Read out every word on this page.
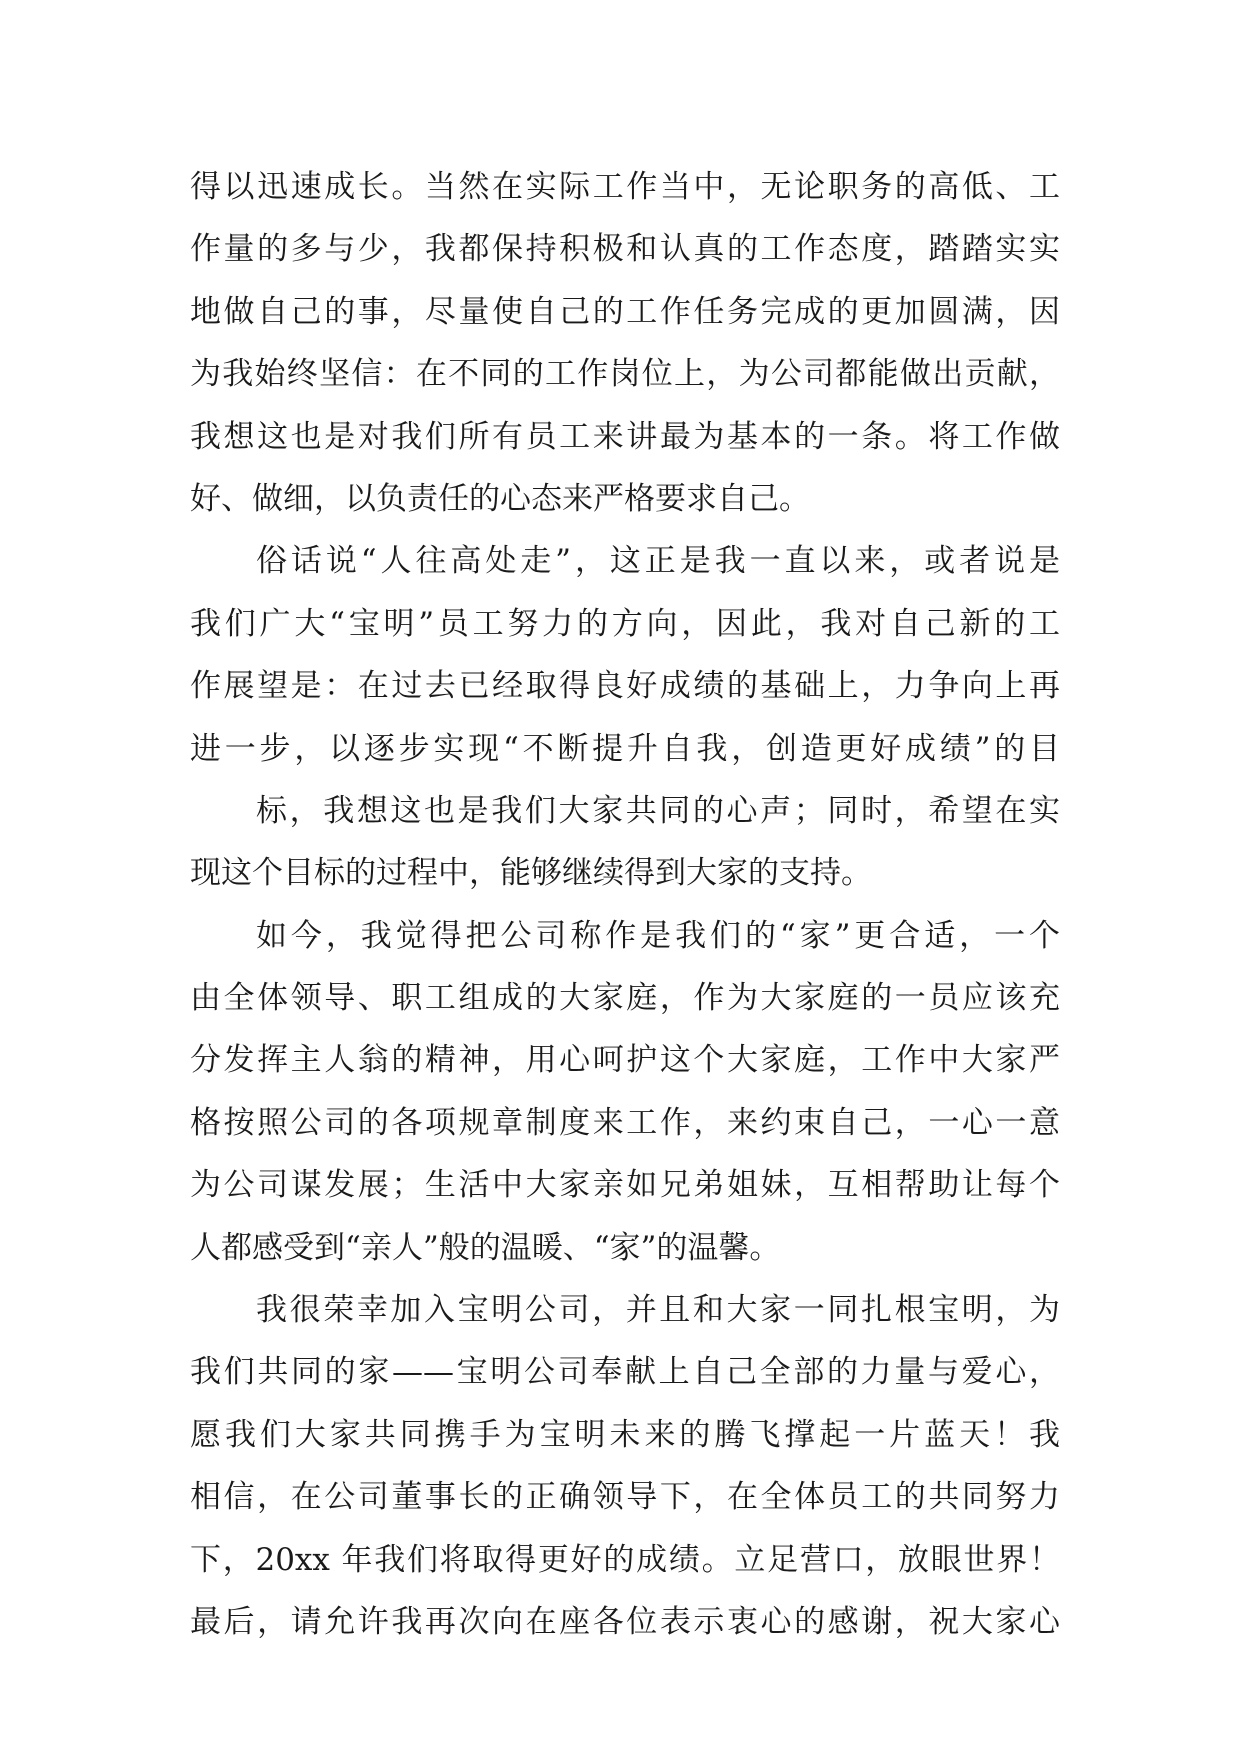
得以迅速成长。当然在实际工作当中，无论职务的高低、工
作量的多与少，我都保持积极和认真的工作态度，踏踏实实
地做自己的事，尽量使自己的工作任务完成的更加圆满，因
为我始终坚信：在不同的工作岗位上，为公司都能做出贡献，
我想这也是对我们所有员工来讲最为基本的一条。将工作做
好、做细，以负责任的心态来严格要求自己。
俗话说“人往高处走”，这正是我一直以来，或者说是
我们广大“宝明”员工努力的方向，因此，我对自己新的工
作展望是：在过去已经取得良好成绩的基础上，力争向上再
进一步，以逐步实现“不断提升自我，创造更好成绩”的目
标，我想这也是我们大家共同的心声；同时，希望在实
现这个目标的过程中，能够继续得到大家的支持。
如今，我觉得把公司称作是我们的“家”更合适，一个
由全体领导、职工组成的大家庭，作为大家庭的一员应该充
分发挥主人翁的精神，用心呵护这个大家庭，工作中大家严
格按照公司的各项规章制度来工作，来约束自己，一心一意
为公司谋发展；生活中大家亲如兄弟姐妹，互相帮助让每个
人都感受到“亲人”般的温暖、“家”的温馨。
我很荣幸加入宝明公司，并且和大家一同扎根宝明，为
我们共同的家——宝明公司奉献上自己全部的力量与爱心，
愿我们大家共同携手为宝明未来的腾飞撑起一片蓝天！我
相信，在公司董事长的正确领导下，在全体员工的共同努力
下，20xx 年我们将取得更好的成绩。立足营口，放眼世界！
最后，请允许我再次向在座各位表示衷心的感谢，祝大家心
